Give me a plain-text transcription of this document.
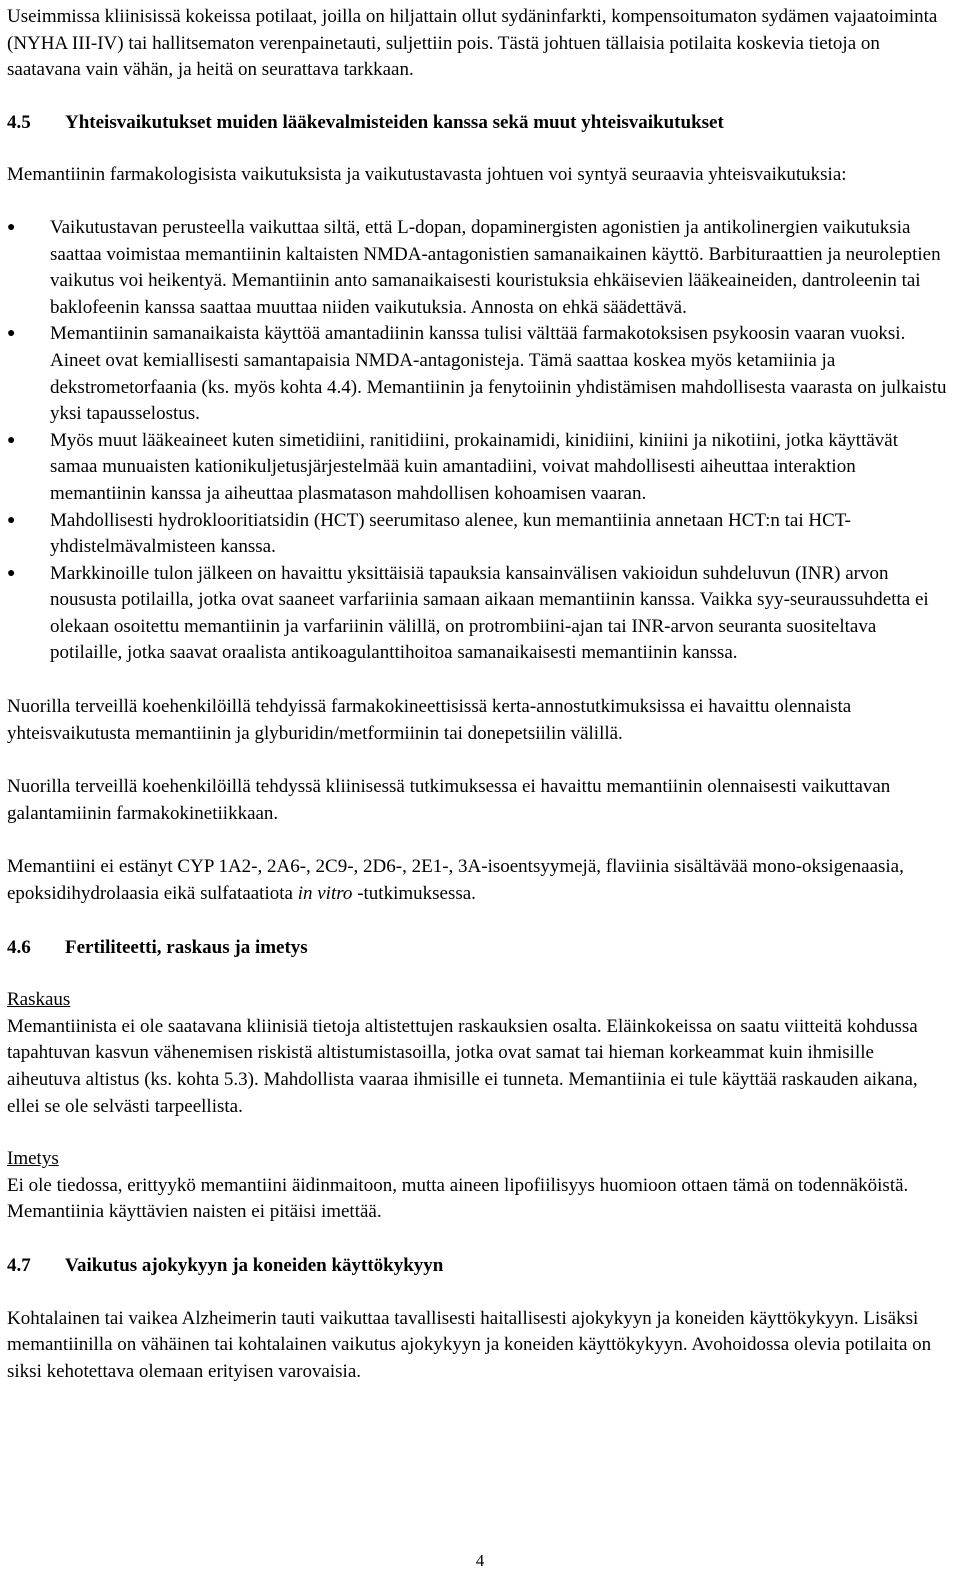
Useimmissa kliinisissä kokeissa potilaat, joilla on hiljattain ollut sydäninfarkti, kompensoitumaton sydämen vajaatoiminta (NYHA III-IV) tai hallitsematon verenpainetauti, suljettiin pois. Tästä johtuen tällaisia potilaita koskevia tietoja on saatavana vain vähän, ja heitä on seurattava tarkkaan.

4.5	Yhteisvaikutukset muiden lääkevalmisteiden kanssa sekä muut yhteisvaikutukset

Memantiinin farmakologisista vaikutuksista ja vaikutustavasta johtuen voi syntyä seuraavia yhteisvaikutuksia:

●	Vaikutustavan perusteella vaikuttaa siltä, että L-dopan, dopaminergisten agonistien ja antikolinergien vaikutuksia saattaa voimistaa memantiinin kaltaisten NMDA-antagonistien samanaikainen käyttö. Barbituraattien ja neuroleptien vaikutus voi heikentyä. Memantiinin anto samanaikaisesti kouristuksia ehkäisevien lääkeaineiden, dantroleenin tai baklofeenin kanssa saattaa muuttaa niiden vaikutuksia. Annosta on ehkä säädettävä.
●	Memantiinin samanaikaista käyttöä amantadiinin kanssa tulisi välttää farmakotoksisen psykoosin vaaran vuoksi. Aineet ovat kemiallisesti samantapaisia NMDA-antagonisteja. Tämä saattaa koskea myös ketamiinia ja dekstrometorfaania (ks. myös kohta 4.4). Memantiinin ja fenytoiinin yhdistämisen mahdollisesta vaarasta on julkaistu yksi tapausselostus.
●	Myös muut lääkeaineet kuten simetidiini, ranitidiini, prokainamidi, kinidiini, kiniini ja nikotiini, jotka käyttävät samaa munuaisten kationikuljetusjärjestelmää kuin amantadiini, voivat mahdollisesti aiheuttaa interaktion memantiinin kanssa ja aiheuttaa plasmatason mahdollisen kohoamisen vaaran.
●	Mahdollisesti hydroklooritiatsidin (HCT) seerumitaso alenee, kun memantiinia annetaan HCT:n tai HCT-yhdistelmävalmisteen kanssa.
●	Markkinoille tulon jälkeen on havaittu yksittäisiä tapauksia kansainvälisen vakioidun suhdeluvun (INR) arvon noususta potilailla, jotka ovat saaneet varfariinia samaan aikaan memantiinin kanssa. Vaikka syy-seuraussuhdetta ei olekaan osoitettu memantiinin ja varfariinin välillä, on protrombiini-ajan tai INR-arvon seuranta suositeltava potilaille, jotka saavat oraalista antikoagulanttihoitoa samanaikaisesti memantiinin kanssa.

Nuorilla terveillä koehenkilöillä tehdyissä farmakokineettisissä kerta-annostutkimuksissa ei havaittu olennaista yhteisvaikutusta memantiinin ja glyburidin/metformiinin tai donepetsiilin välillä.

Nuorilla terveillä koehenkilöillä tehdyssä kliinisessä tutkimuksessa ei havaittu memantiinin olennaisesti vaikuttavan galantamiinin farmakokinetiikkaan.

Memantiini ei estänyt CYP 1A2-, 2A6-, 2C9-, 2D6-, 2E1-, 3A-isoentsyymejä, flaviinia sisältävää mono-oksigenaasia, epoksidihydrolaasia eikä sulfataatiota in vitro -tutkimuksessa.

4.6	Fertiliteetti, raskaus ja imetys

Raskaus

Memantiinista ei ole saatavana kliinisiä tietoja altistettujen raskauksien osalta. Eläinkokeissa on saatu viitteitä kohdussa tapahtuvan kasvun vähenemisen riskistä altistumistasoilla, jotka ovat samat tai hieman korkeammat kuin ihmisille aiheutuva altistus (ks. kohta 5.3). Mahdollista vaaraa ihmisille ei tunneta. Memantiinia ei tule käyttää raskauden aikana, ellei se ole selvästi tarpeellista.

Imetys

Ei ole tiedossa, erittyykö memantiini äidinmaitoon, mutta aineen lipofiilisyys huomioon ottaen tämä on todennäköistä. Memantiinia käyttävien naisten ei pitäisi imettää.

4.7	Vaikutus ajokykyyn ja koneiden käyttökykyyn

Kohtalainen tai vaikea Alzheimerin tauti vaikuttaa tavallisesti haitallisesti ajokykyyn ja koneiden käyttökykyyn. Lisäksi memantiinilla on vähäinen tai kohtalainen vaikutus ajokykyyn ja koneiden käyttökykyyn. Avohoidossa olevia potilaita on siksi kehotettava olemaan erityisen varovaisia.

4
